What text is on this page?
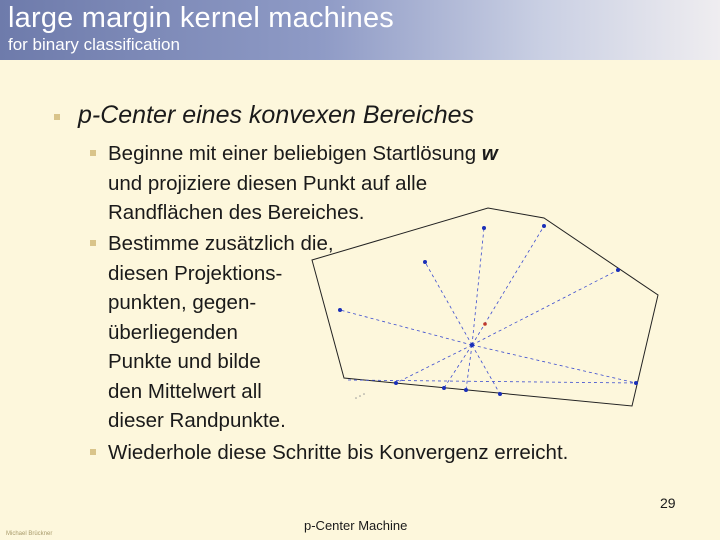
large margin kernel machines
for binary classification
p-Center eines konvexen Bereiches
Beginne mit einer beliebigen Startlösung w
und projiziere diesen Punkt auf alle
Randflächen des Bereiches.
Bestimme zusätzlich die,
diesen Projektions-
punkten, gegen-
überliegenden
Punkte und bilde
den Mittelwert all
dieser Randpunkte.
Wiederhole diese Schritte bis Konvergenz erreicht.
29
p-Center Machine
Michael Brückner
